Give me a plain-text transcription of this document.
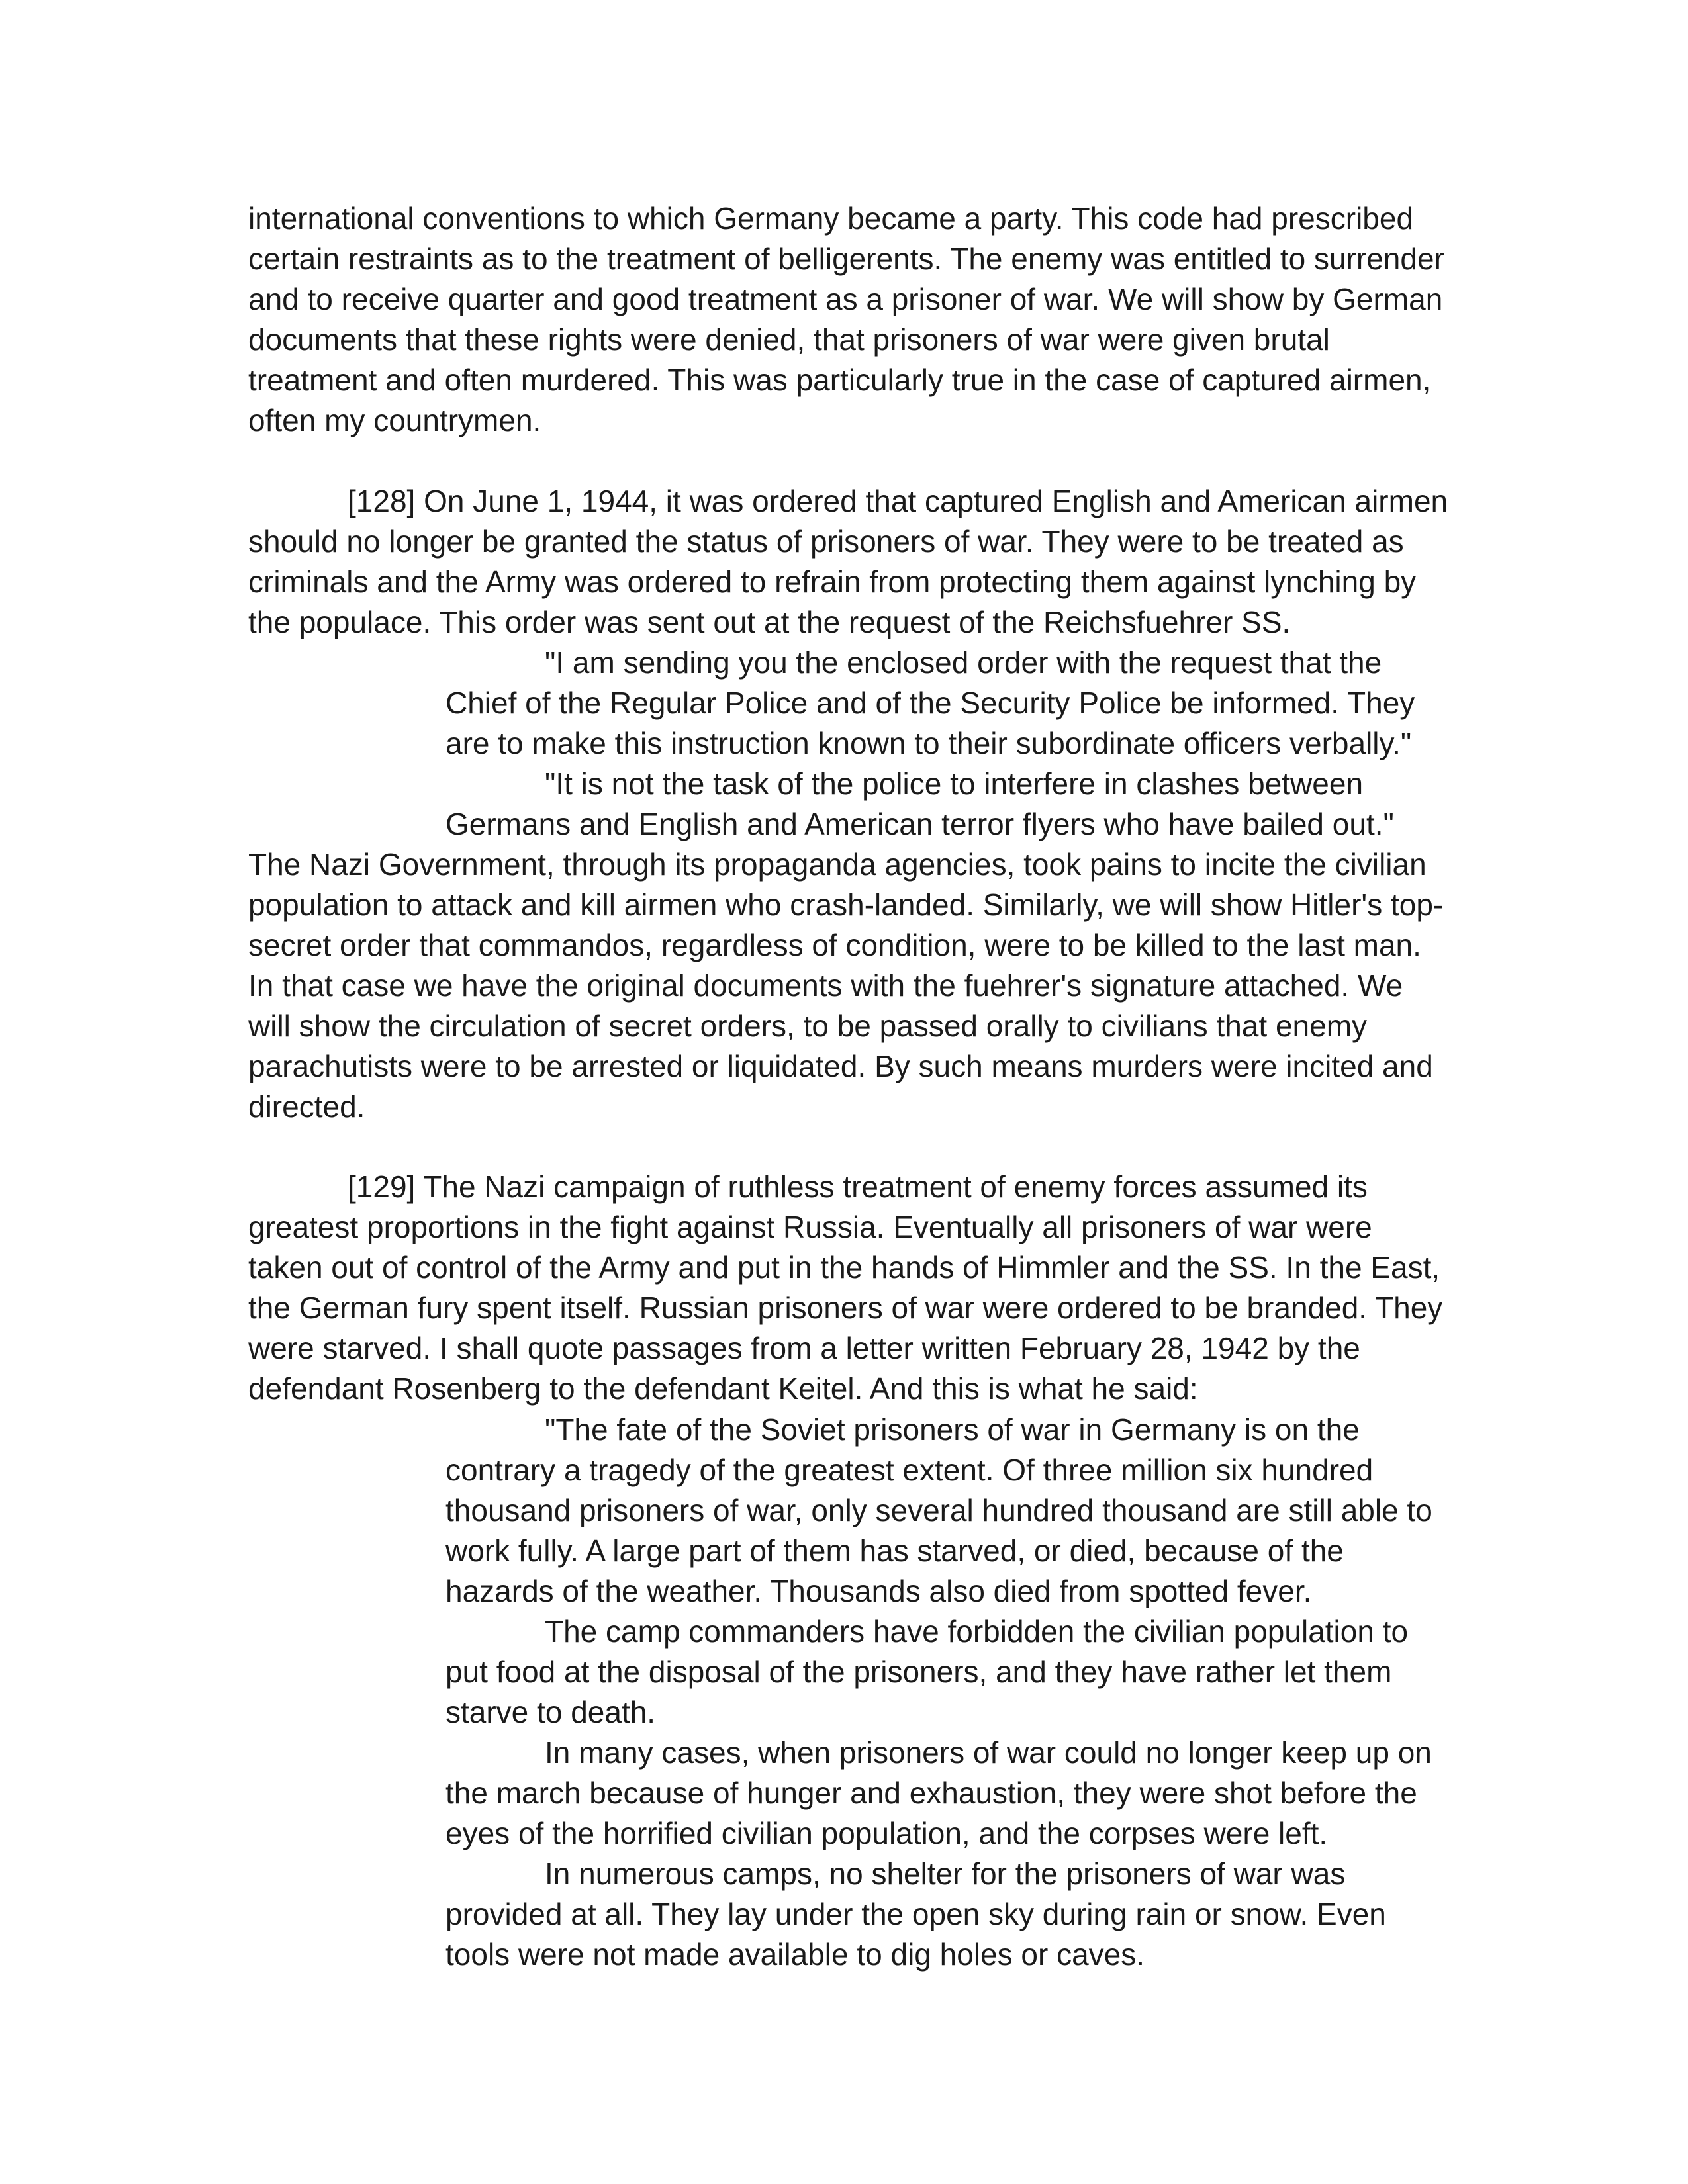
international conventions to which Germany became a party. This code had prescribed certain restraints as to the treatment of belligerents. The enemy was entitled to surrender and to receive quarter and good treatment as a prisoner of war. We will show by German documents that these rights were denied, that prisoners of war were given brutal treatment and often murdered. This was particularly true in the case of captured airmen, often my countrymen.

[128] On June 1, 1944, it was ordered that captured English and American airmen should no longer be granted the status of prisoners of war. They were to be treated as criminals and the Army was ordered to refrain from protecting them against lynching by the populace. This order was sent out at the request of the Reichsfuehrer SS.

"I am sending you the enclosed order with the request that the Chief of the Regular Police and of the Security Police be informed. They are to make this instruction known to their subordinate officers verbally."

"It is not the task of the police to interfere in clashes between Germans and English and American terror flyers who have bailed out."

The Nazi Government, through its propaganda agencies, took pains to incite the civilian population to attack and kill airmen who crash-landed. Similarly, we will show Hitler's top-secret order that commandos, regardless of condition, were to be killed to the last man. In that case we have the original documents with the fuehrer's signature attached. We will show the circulation of secret orders, to be passed orally to civilians that enemy parachutists were to be arrested or liquidated. By such means murders were incited and directed.

[129] The Nazi campaign of ruthless treatment of enemy forces assumed its greatest proportions in the fight against Russia. Eventually all prisoners of war were taken out of control of the Army and put in the hands of Himmler and the SS. In the East, the German fury spent itself. Russian prisoners of war were ordered to be branded. They were starved. I shall quote passages from a letter written February 28, 1942 by the defendant Rosenberg to the defendant Keitel. And this is what he said:

"The fate of the Soviet prisoners of war in Germany is on the contrary a tragedy of the greatest extent. Of three million six hundred thousand prisoners of war, only several hundred thousand are still able to work fully. A large part of them has starved, or died, because of the hazards of the weather. Thousands also died from spotted fever.

The camp commanders have forbidden the civilian population to put food at the disposal of the prisoners, and they have rather let them starve to death.

In many cases, when prisoners of war could no longer keep up on the march because of hunger and exhaustion, they were shot before the eyes of the horrified civilian population, and the corpses were left.

In numerous camps, no shelter for the prisoners of war was provided at all. They lay under the open sky during rain or snow. Even tools were not made available to dig holes or caves.
